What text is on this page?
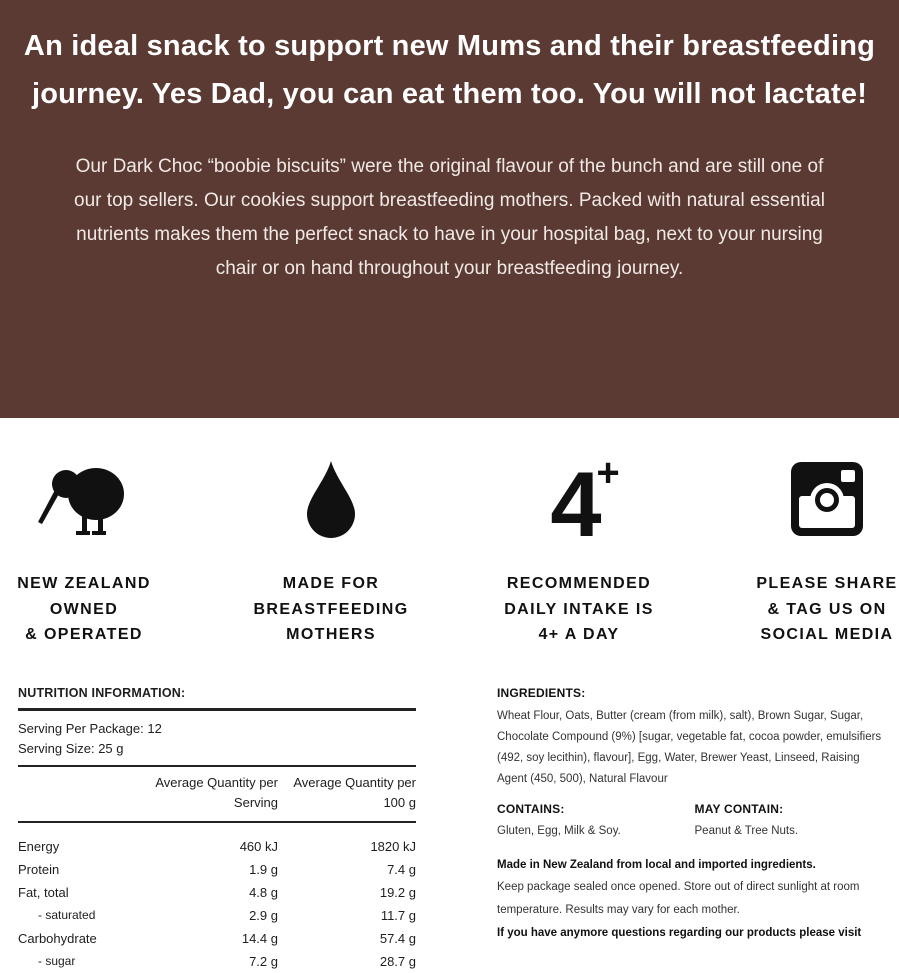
An ideal snack to support new Mums and their breastfeeding journey. Yes Dad, you can eat them too. You will not lactate!

Our Dark Choc “boobie biscuits” were the original flavour of the bunch and are still one of our top sellers. Our cookies support breastfeeding mothers. Packed with natural essential nutrients makes them the perfect snack to have in your hospital bag, next to your nursing chair or on hand throughout your breastfeeding journey.

NEW ZEALAND
OWNED
& OPERATED
MADE FOR
BREASTFEEDING
MOTHERS
4
+
RECOMMENDED
DAILY INTAKE IS
4+ A DAY
PLEASE SHARE
& TAG US ON
SOCIAL MEDIA
NUTRITION INFORMATION:
Serving Per Package: 12
Serving Size: 25 g
Average Quantity per Serving
Average Quantity per 100 g
Energy	460 kJ	1820 kJ
Protein	1.9 g	7.4 g
Fat, total	4.8 g	19.2 g
- saturated	2.9 g	11.7 g
Carbohydrate	14.4 g	57.4 g
- sugar	7.2 g	28.7 g
INGREDIENTS:
Wheat Flour, Oats, Butter (cream (from milk), salt), Brown Sugar, Sugar, Chocolate Compound (9%) [sugar, vegetable fat, cocoa powder, emulsifiers (492, soy lecithin), flavour], Egg, Water, Brewer Yeast, Linseed, Raising Agent (450, 500), Natural Flavour
CONTAINS:
Gluten, Egg, Milk & Soy.
MAY CONTAIN:
Peanut & Tree Nuts.
Made in New Zealand from local and imported ingredients.
Keep package sealed once opened. Store out of direct sunlight at room temperature. Results may vary for each mother.
If you have anymore questions regarding our products please visit
